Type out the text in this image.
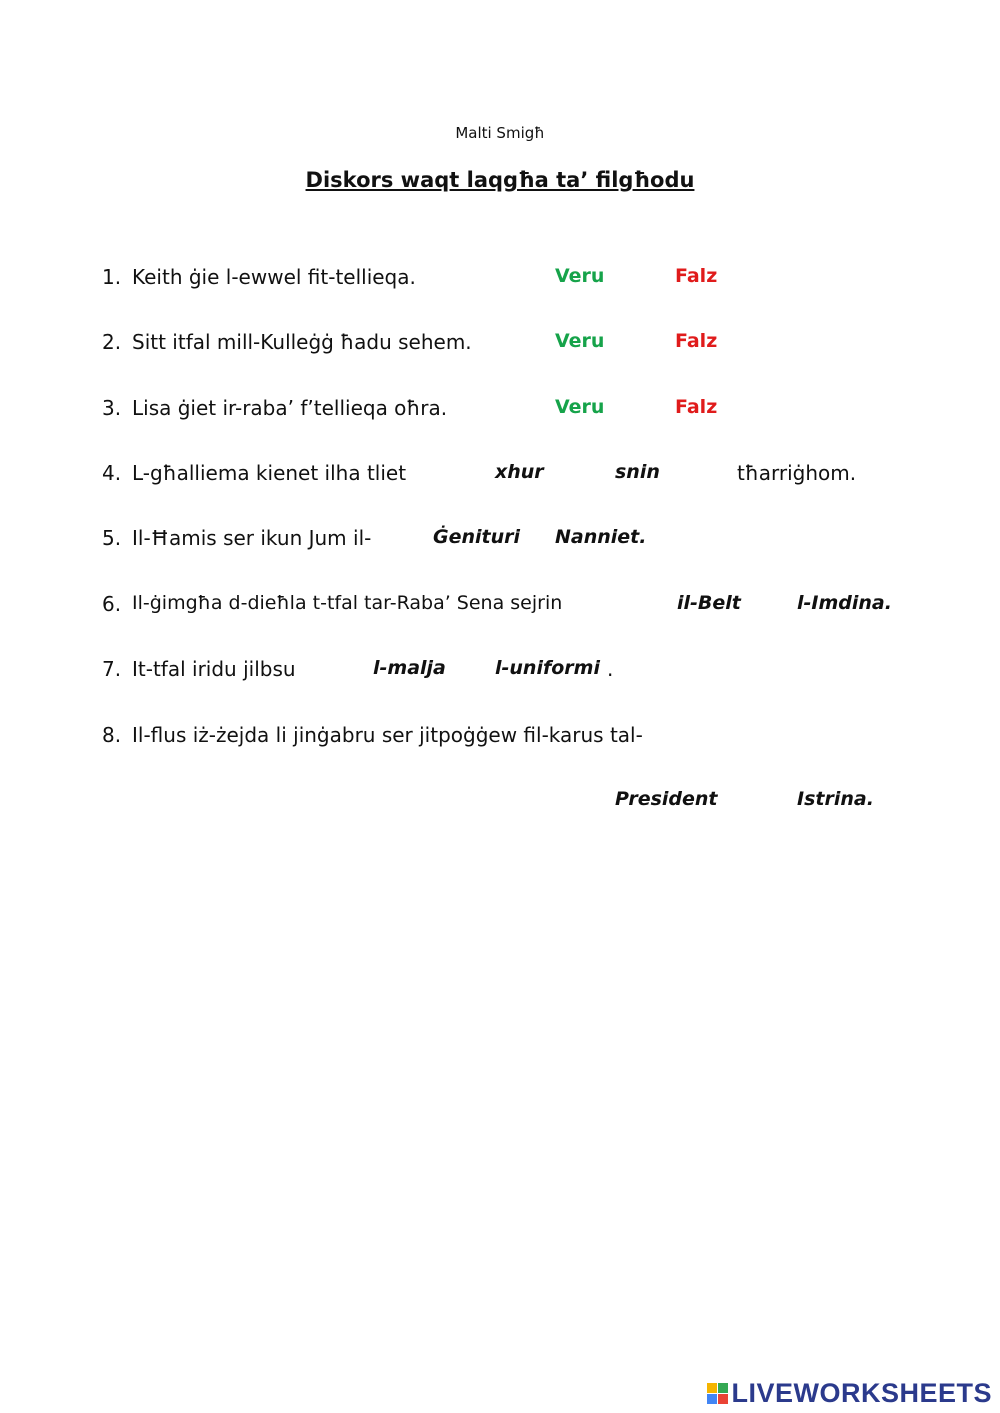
Malti Smigħ
Diskors waqt laqgħa ta’ filgħodu
1. Keith ġie l-ewwel fit-tellieqa.	Veru	Falz
2. Sitt itfal mill-Kulleġġ ħadu sehem.	Veru	Falz
3. Lisa ġiet ir-raba’ f’tellieqa oħra.	Veru	Falz
4. L-għalliema kienet ilha tliet	xhur	snin	tħarriġhom.
5. Il-Ħamis ser ikun Jum il-	Ġenituri Nanniet.
6. Il-ġimgħa d-dieħla t-tfal tar-Raba’ Sena sejrin	il-Belt	l-Imdina.
7. It-tfal iridu jilbsu	l-malja	l-uniformi .
8. Il-flus iż-żejda li jinġabru ser jitpoġġew fil-karus tal-
President	Istrina.
LIVEWORKSHEETS
